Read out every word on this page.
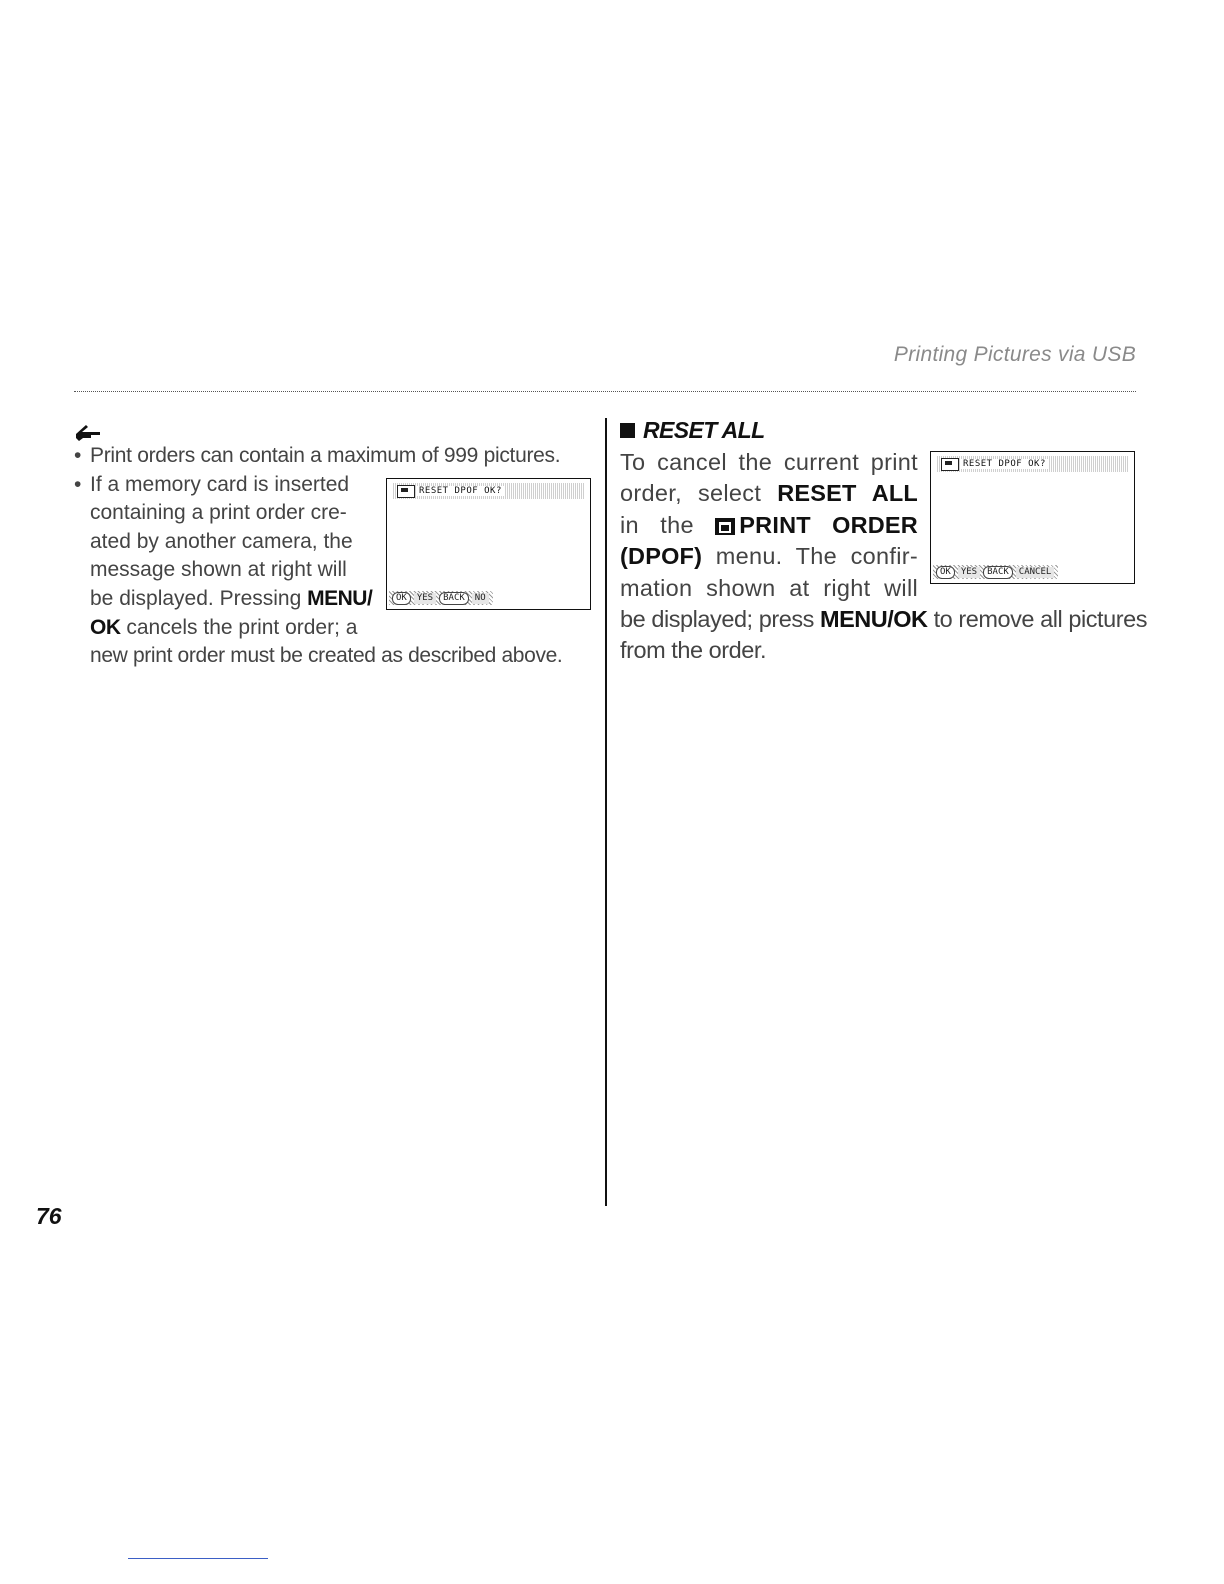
Printing Pictures via USB
• Print orders can contain a maximum of 999 pictures.
• If a memory card is inserted
containing a print order cre-
ated by another camera, the
message shown at right will
be displayed. Pressing MENU/
OK cancels the print order; a
new print order must be created as described above.
RESET DPOF OK?
OK	YES	BACK	NO
RESET ALL
To cancel the current print
order, select RESET ALL
in the PRINT ORDER
(DPOF) menu. The confir-
mation shown at right will
be displayed; press MENU/OK to remove all pictures
from the order.
RESET DPOF OK?
OK	YES	BACK	CANCEL
76
